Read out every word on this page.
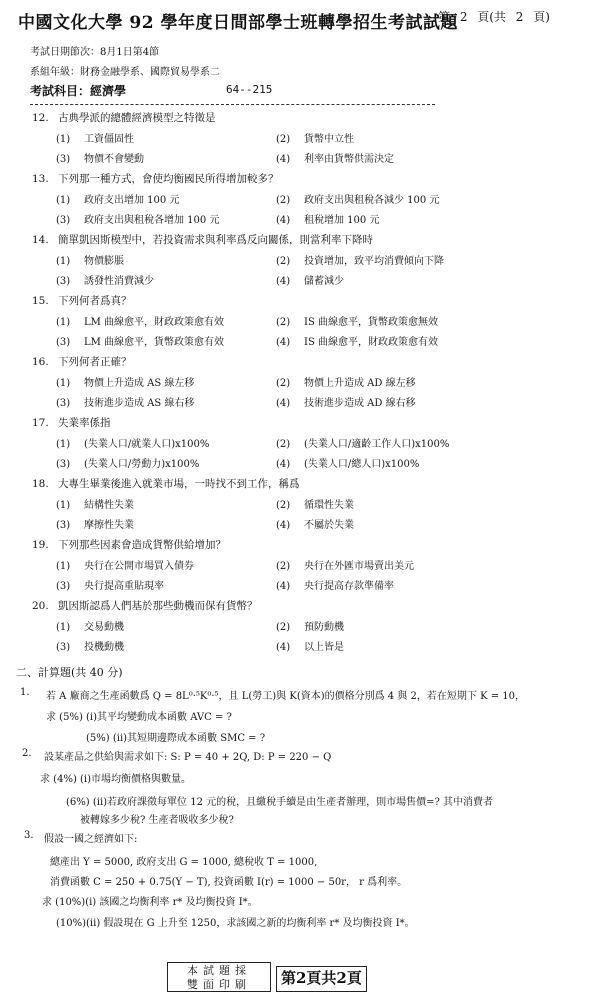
中國文化大學 92 學年度日間部學士班轉學招生考試試題
第 2 頁(共 2 頁)
考試日期節次：8月1日第4節
系組年級：財務金融學系、國際貿易學系二
考試科目：經濟學	64--215
12. 古典學派的總體經濟模型之特徵是
(1) 工資僵固性	(2) 貨幣中立性
(3) 物價不會變動	(4) 利率由貨幣供需決定
13. 下列那一種方式，會使均衡國民所得增加較多？
(1) 政府支出增加 100 元	(2) 政府支出與租稅各減少 100 元
(3) 政府支出與租稅各增加 100 元	(4) 租稅增加 100 元
14. 簡單凱因斯模型中，若投資需求與利率爲反向關係，則當利率下降時
(1) 物價膨脹	(2) 投資增加，致平均消費傾向下降
(3) 誘發性消費減少	(4) 儲蓄減少
15. 下列何者爲真？
(1) LM 曲線愈平，財政政策愈有效	(2) IS 曲線愈平，貨幣政策愈無效
(3) LM 曲線愈平，貨幣政策愈有效	(4) IS 曲線愈平，財政政策愈有效
16. 下列何者正確？
(1) 物價上升造成 AS 線左移	(2) 物價上升造成 AD 線左移
(3) 技術進步造成 AS 線右移	(4) 技術進步造成 AD 線右移
17. 失業率係指
(1) (失業人口/就業人口)x100%	(2) (失業人口/適齡工作人口)x100%
(3) (失業人口/勞動力)x100%	(4) (失業人口/總人口)x100%
18. 大專生畢業後進入就業市場，一時找不到工作，稱爲
(1) 結構性失業	(2) 循環性失業
(3) 摩擦性失業	(4) 不屬於失業
19. 下列那些因素會造成貨幣供給增加？
(1) 央行在公開市場買入債券	(2) 央行在外匯市場賣出美元
(3) 央行提高重貼現率	(4) 央行提高存款準備率
20. 凱因斯認爲人們基於那些動機而保有貨幣？
(1) 交易動機	(2) 預防動機
(3) 投機動機	(4) 以上皆是
二、計算題(共 40 分)
1. 若 A 廠商之生產函數爲 Q = 8L⁰·⁵K⁰·⁵，且 L(勞工)與 K(資本)的價格分別爲 4 與 2，若在短期下 K = 10，
求 (5%) (i)其平均變動成本函數 AVC = ?
(5%) (ii)其短期邊際成本函數 SMC = ?
2. 設某產品之供給與需求如下: S: P = 40 + 2Q, D: P = 220 − Q
求 (4%) (i)市場均衡價格與數量。
(6%) (ii)若政府課徵每單位 12 元的稅，且繳稅手續是由生產者辦理，則市場售價=? 其中消費者
被轉嫁多少稅? 生產者吸收多少稅?
3. 假設一國之經濟如下:
總產出 Y = 5000, 政府支出 G = 1000, 總稅收 T = 1000,
消費函數 C = 250 + 0.75(Y − T), 投資函數 I(r) = 1000 − 50r， r 爲利率。
求 (10%)(i) 該國之均衡利率 r* 及均衡投資 I*。
(10%)(ii) 假設現在 G 上升至 1250，求該國之新的均衡利率 r* 及均衡投資 I*。
本試題採
雙面印刷	第2頁共2頁
